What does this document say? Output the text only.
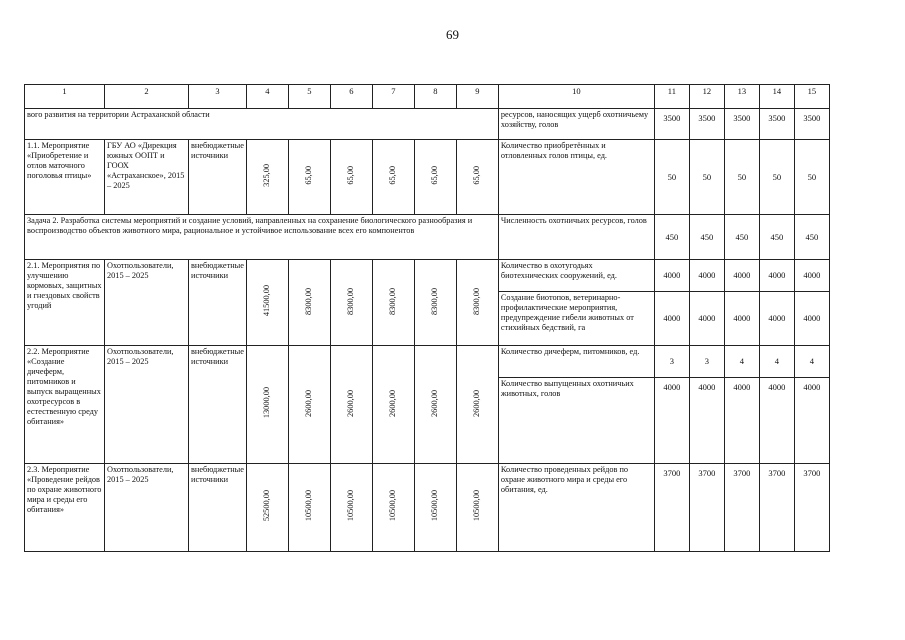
69
1	2	3	4	5	6	7	8	9	10	11	12	13	14	15
вого развития на территории Астраханской области									ресурсов, наносящих ущерб охотничьему хозяйству, голов	3500	3500	3500	3500	3500
1.1. Мероприятие «Приобретение и отлов маточного поголовья птицы»	ГБУ АО «Дирекция южных ООПТ и ГООХ «Астраханское», 2015 – 2025	внебюджетные источники	325,00	65,00	65,00	65,00	65,00	65,00	Количество приобретённых и отловленных голов птицы, ед.	50	50	50	50	50
Задача 2. Разработка системы мероприятий и создание условий, направленных на сохранение биологического разнообразия и воспроизводство объектов животного мира, рациональное и устойчивое использование всех его компонентов									Численность охотничьих ресурсов, голов	450	450	450	450	450
2.1. Мероприятия по улучшению кормовых, защитных и гнездовых свойств угодий	Охотпользователи, 2015 – 2025	внебюджетные источники	41500,00	8300,00	8300,00	8300,00	8300,00	8300,00	Количество в охотугодьях биотехнических сооружений, ед.	4000	4000	4000	4000	4000
									Создание биотопов, ветеринарно-профилактические мероприятия, предупреждение гибели животных от стихийных бедствий, га	4000	4000	4000	4000	4000
2.2. Мероприятие «Создание дичеферм, питомников и выпуск выращенных охотресурсов в естественную среду обитания»	Охотпользователи, 2015 – 2025	внебюджетные источники	13000,00	2600,00	2600,00	2600,00	2600,00	2600,00	Количество дичеферм, питомников, ед.	3	3	4	4	4
									Количество выпущенных охотничьих животных, голов	4000	4000	4000	4000	4000
2.3. Мероприятие «Проведение рейдов по охране животного мира и среды его обитания»	Охотпользователи, 2015 – 2025	внебюджетные источники	52500,00	10500,00	10500,00	10500,00	10500,00	10500,00	Количество проведенных рейдов по охране животного мира и среды его обитания, ед.	3700	3700	3700	3700	3700
